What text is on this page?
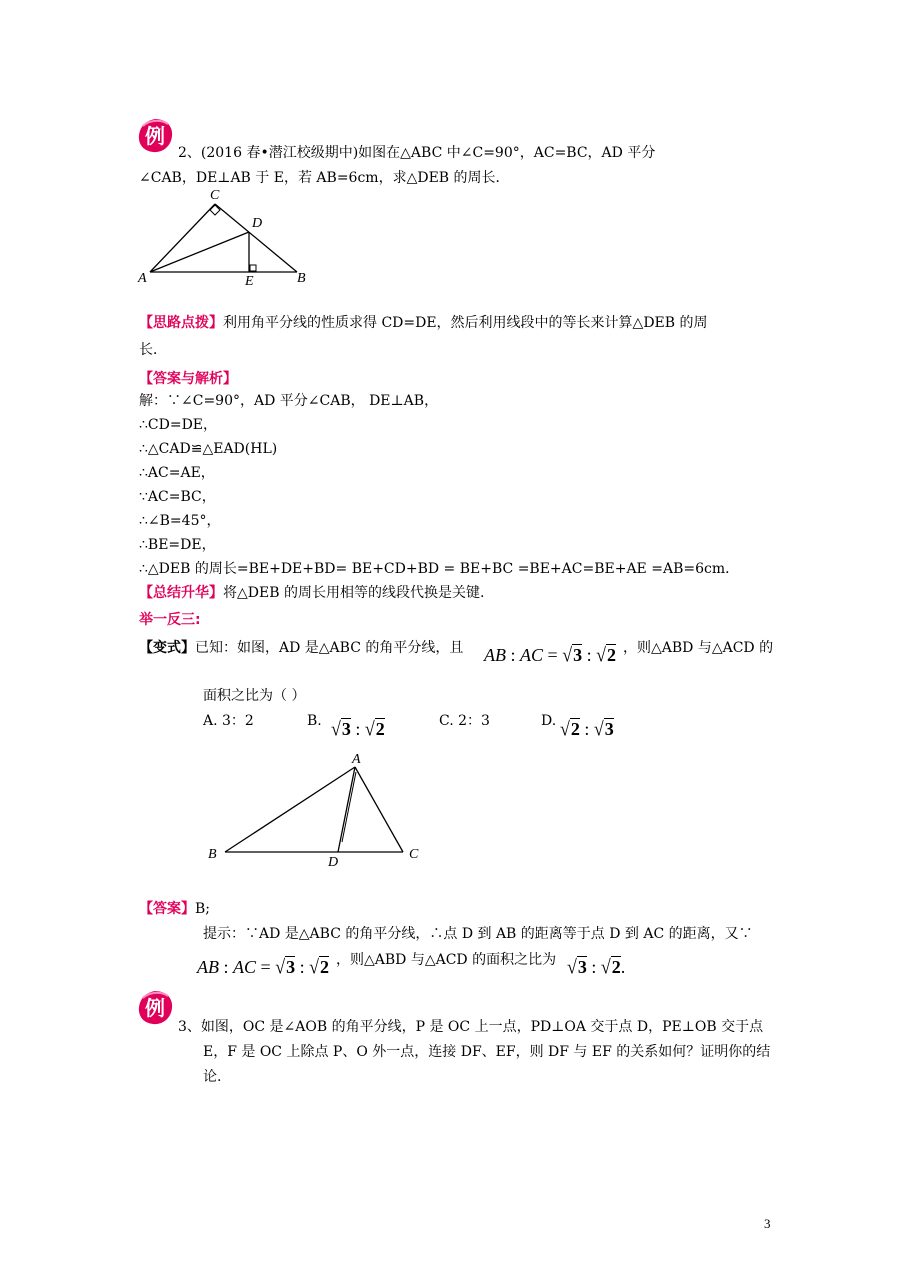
例
2、(2016 春•潜江校级期中)如图在△ABC 中∠C=90°，AC=BC，AD 平分
∠CAB，DE⊥AB 于 E，若 AB=6cm，求△DEB 的周长．
C
D
A	E	B
【思路点拨】利用角平分线的性质求得 CD=DE，然后利用线段中的等长来计算△DEB 的周
长．
【答案与解析】
解：∵∠C=90°，AD 平分∠CAB， DE⊥AB，
∴CD=DE，
∴△CAD≌△EAD(HL)
∴AC=AE，
∵AC=BC，
∴∠B=45°，
∴BE=DE，
∴△DEB 的周长=BE+DE+BD= BE+CD+BD = BE+BC =BE+AC=BE+AE =AB=6cm．
【总结升华】将△DEB 的周长用相等的线段代换是关键.
举一反三:
【变式】已知：如图，AD 是△ABC 的角平分线，且 AB : AC = √3 : √2 ，则△ABD 与△ACD 的
面积之比为（ ）
A. 3：2	B. √3 : √2	C. 2：3	D. √2 : √3
A
B
D
C
【答案】B;
提示：∵AD 是△ABC 的角平分线，∴点 D 到 AB 的距离等于点 D 到 AC 的距离，又∵
AB : AC = √3 : √2 ，则△ABD 与△ACD 的面积之比为 √3 : √2.
例
3、如图，OC 是∠AOB 的角平分线，P 是 OC 上一点，PD⊥OA 交于点 D，PE⊥OB 交于点
E，F 是 OC 上除点 P、O 外一点，连接 DF、EF，则 DF 与 EF 的关系如何？证明你的结
论.
3
